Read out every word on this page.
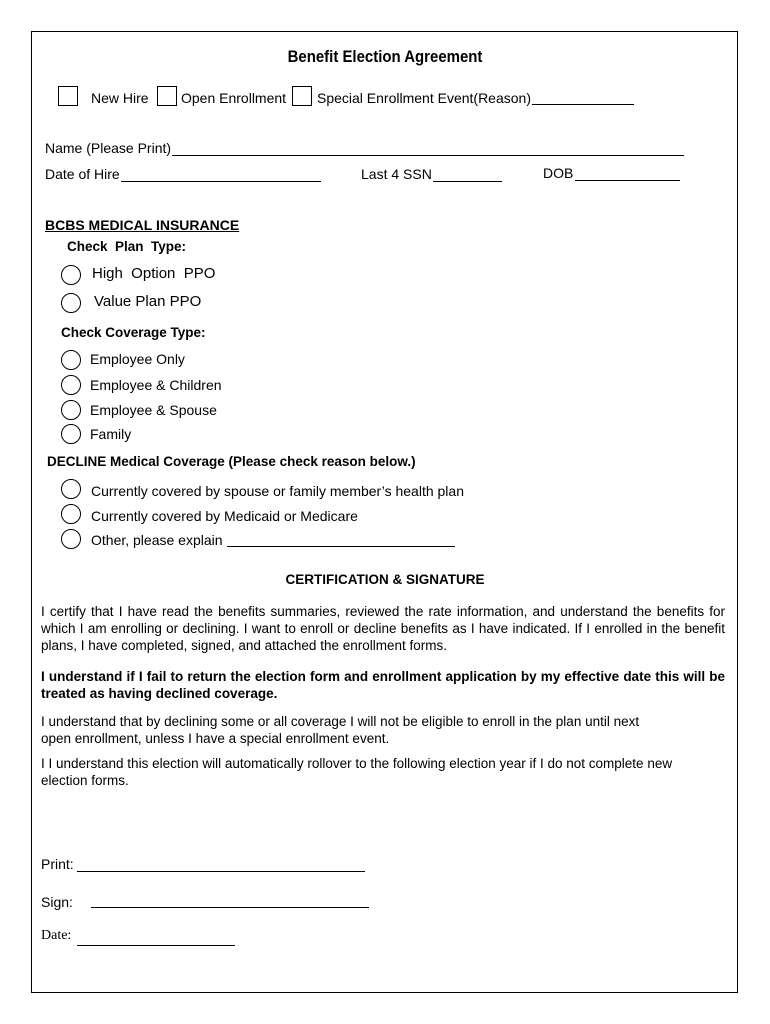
Benefit Election Agreement
New Hire Open Enrollment Special Enrollment Event(Reason)
Name (Please Print)
Date of Hire	Last 4 SSN	DOB
BCBS MEDICAL INSURANCE
Check  Plan  Type:
High  Option  PPO
Value Plan PPO
Check Coverage Type:
Employee Only
Employee & Children
Employee & Spouse
Family
DECLINE Medical Coverage (Please check reason below.)
Currently covered by spouse or family member’s health plan
Currently covered by Medicaid or Medicare
Other, please explain
CERTIFICATION & SIGNATURE
I certify that I have read the benefits summaries, reviewed the rate information, and understand the benefits for which I am enrolling or declining. I want to enroll or decline benefits as I have indicated. If I enrolled in the benefit plans, I have completed, signed, and attached the enrollment forms.
I understand if I fail to return the election form and enrollment application by my effective date this will be treated as having declined coverage.
I understand that by declining some or all coverage I will not be eligible to enroll in the plan until next
open enrollment, unless I have a special enrollment event.
I I understand this election will automatically rollover to the following election year if I do not complete new
election forms.
Print:
Sign:
Date:
